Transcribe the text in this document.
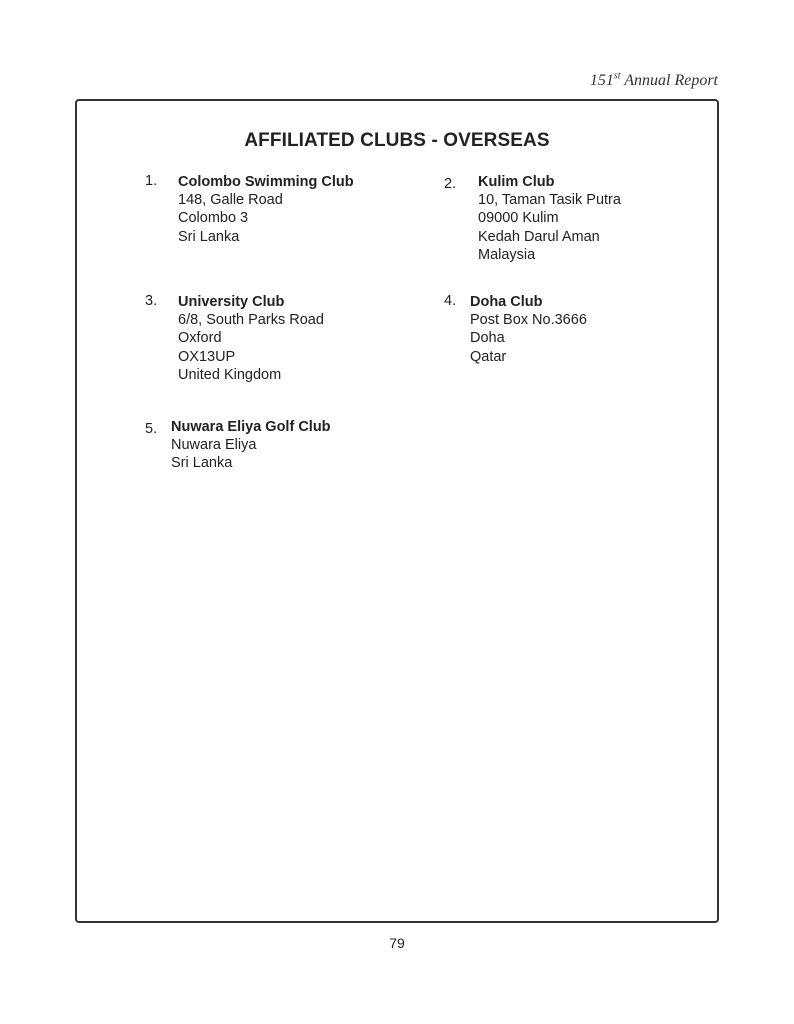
151st Annual Report
AFFILIATED CLUBS - OVERSEAS
1. Colombo Swimming Club
148, Galle Road
Colombo 3
Sri Lanka
2. Kulim Club
10, Taman Tasik Putra
09000 Kulim
Kedah Darul Aman
Malaysia
3. University Club
6/8, South Parks Road
Oxford
OX13UP
United Kingdom
4. Doha Club
Post Box No.3666
Doha
Qatar
5. Nuwara Eliya Golf Club
Nuwara Eliya
Sri Lanka
79
